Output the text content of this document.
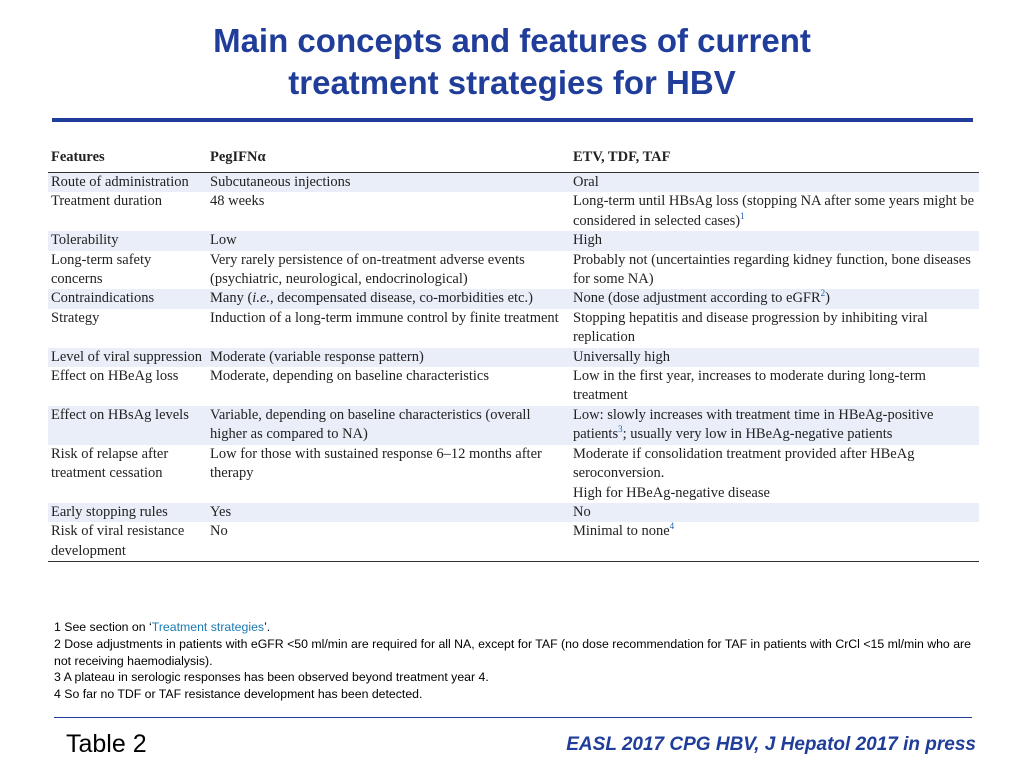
Main concepts and features of current
treatment strategies for HBV
Features	PegIFNα	ETV, TDF, TAF
Route of administration	Subcutaneous injections	Oral
Treatment duration	48 weeks	Long-term until HBsAg loss (stopping NA after some years might be considered in selected cases)$^1$
Tolerability	Low	High
Long-term safety concerns	Very rarely persistence of on-treatment adverse events (psychiatric, neurological, endocrinological)	Probably not (uncertainties regarding kidney function, bone diseases for some NA)
Contraindications	Many (i.e., decompensated disease, co-morbidities etc.)	None (dose adjustment according to eGFR$^2$)
Strategy	Induction of a long-term immune control by finite treatment	Stopping hepatitis and disease progression by inhibiting viral replication
Level of viral suppression	Moderate (variable response pattern)	Universally high
Effect on HBeAg loss	Moderate, depending on baseline characteristics	Low in the first year, increases to moderate during long-term treatment
Effect on HBsAg levels	Variable, depending on baseline characteristics (overall higher as compared to NA)	Low: slowly increases with treatment time in HBeAg-positive patients$^3$; usually very low in HBeAg-negative patients
Risk of relapse after treatment cessation	Low for those with sustained response 6–12 months after therapy	Moderate if consolidation treatment provided after HBeAg seroconversion.
High for HBeAg-negative disease

Early stopping rules	Yes	No
Risk of viral resistance development	No	Minimal to none$^4$
1 See section on ‘Treatment strategies’.
2 Dose adjustments in patients with eGFR <50 ml/min are required for all NA, except for TAF (no dose recommendation for TAF in patients with CrCl <15 ml/min who are not receiving haemodialysis).
3 A plateau in serologic responses has been observed beyond treatment year 4.
4 So far no TDF or TAF resistance development has been detected.
Table 2	EASL 2017 CPG HBV, J Hepatol 2017 in press
